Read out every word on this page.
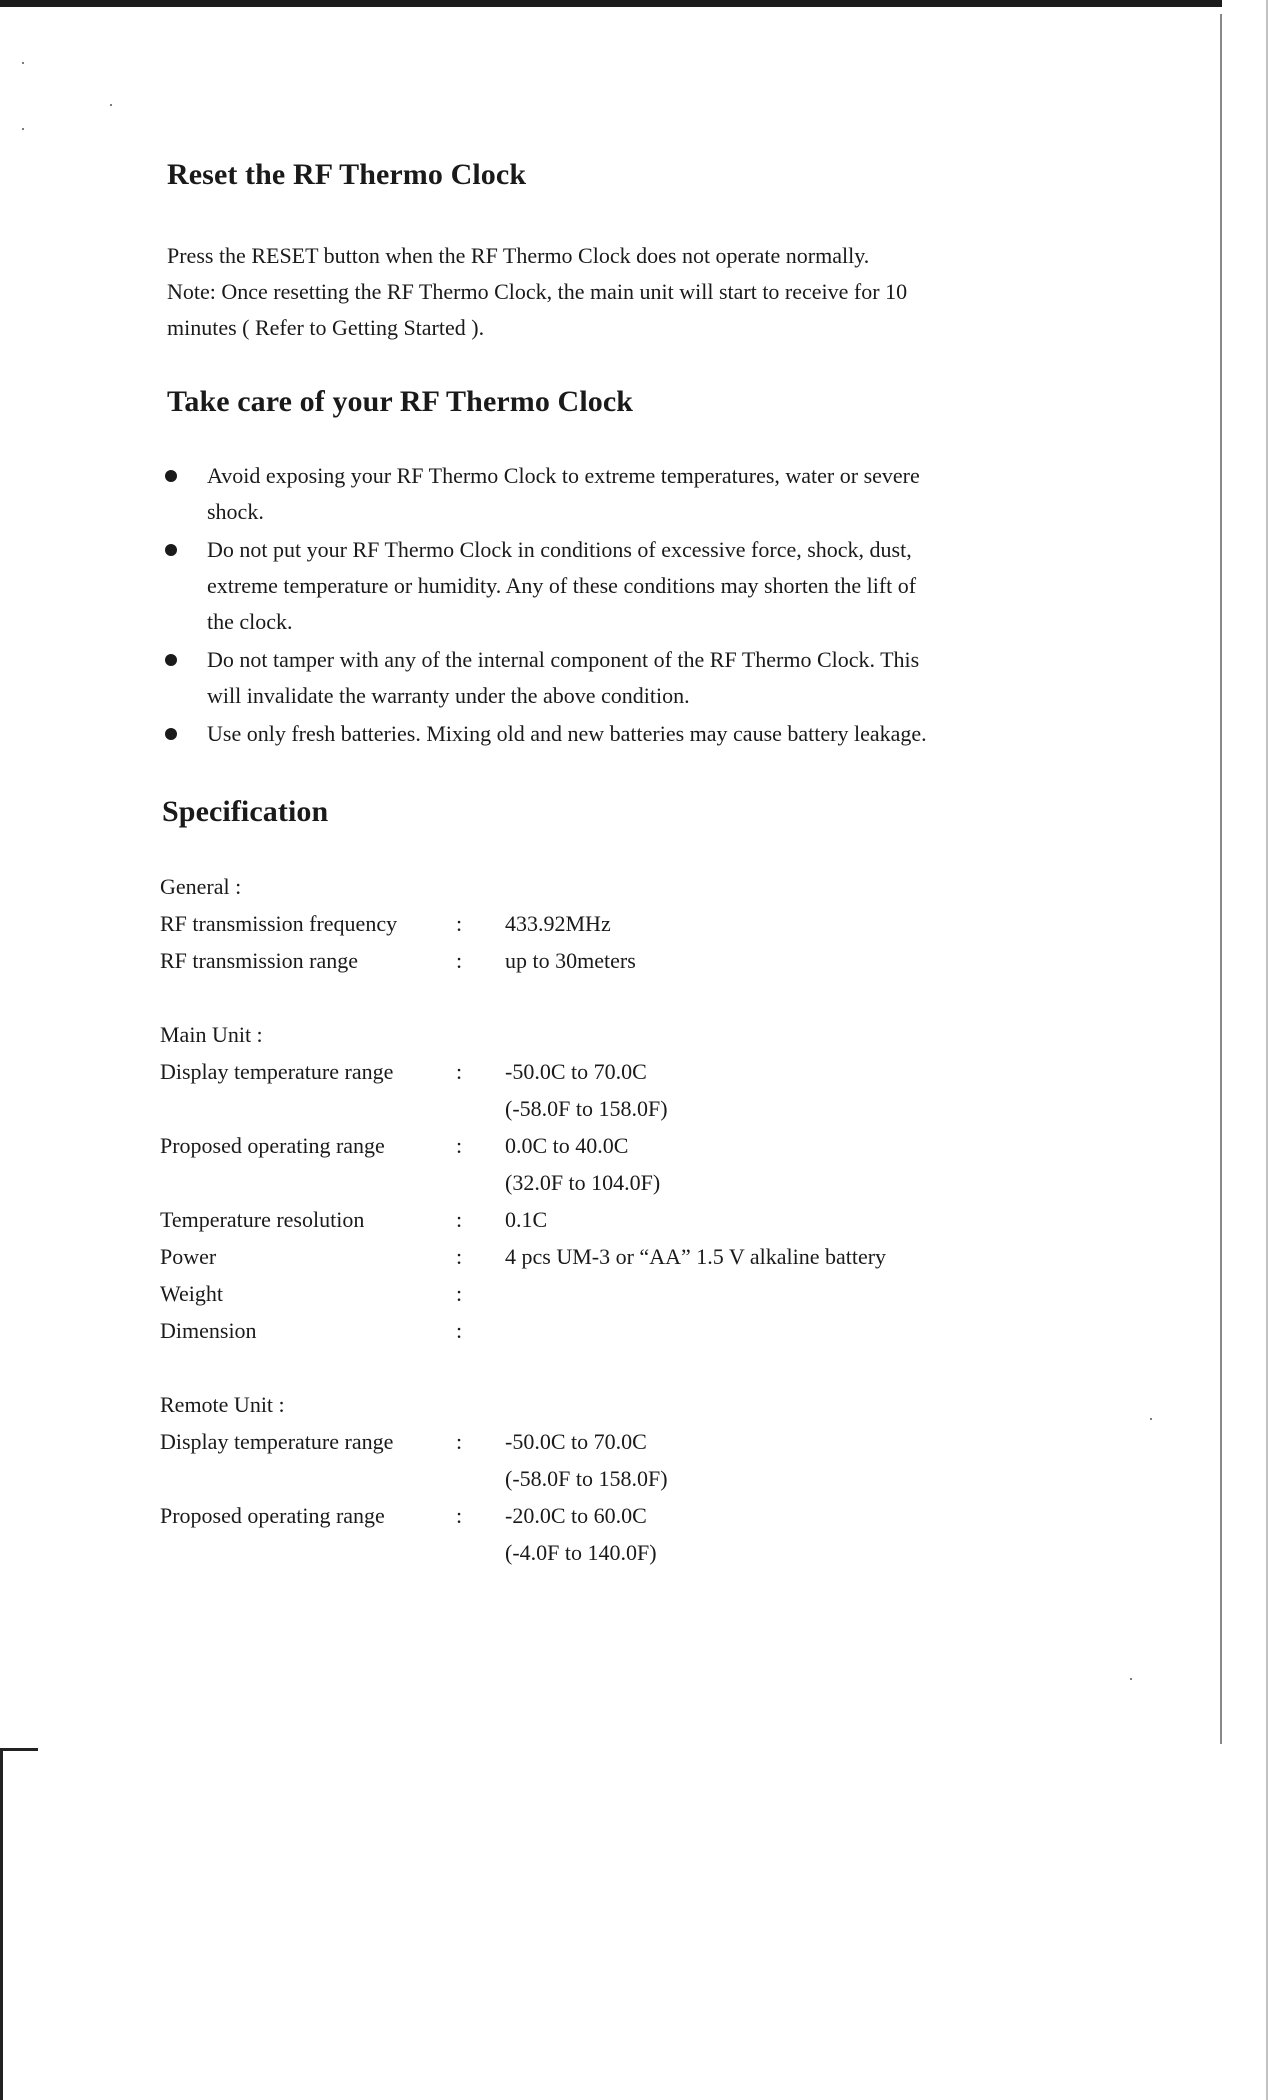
Reset the RF Thermo Clock

Press the RESET button when the RF Thermo Clock does not operate normally.
Note: Once resetting the RF Thermo Clock, the main unit will start to receive for 10
minutes ( Refer to Getting Started ).

Take care of your RF Thermo Clock
Avoid exposing your RF Thermo Clock to extreme temperatures, water or severe
shock.
Do not put your RF Thermo Clock in conditions of excessive force, shock, dust,
extreme temperature or humidity. Any of these conditions may shorten the lift of
the clock.
Do not tamper with any of the internal component of the RF Thermo Clock. This
will invalidate the warranty under the above condition.
Use only fresh batteries. Mixing old and new batteries may cause battery leakage.
Specification
General :
RF transmission frequency	: 433.92MHz
RF transmission range	: up to 30meters
Main Unit :
Display temperature range	: -50.0C to 70.0C
(-58.0F to 158.0F)
Proposed operating range	: 0.0C to 40.0C
(32.0F to 104.0F)
Temperature resolution	: 0.1C
Power	: 4 pcs UM-3 or “AA” 1.5 V alkaline battery
Weight	:
Dimension	:
Remote Unit :
Display temperature range	: -50.0C to 70.0C
(-58.0F to 158.0F)
Proposed operating range	: -20.0C to 60.0C
(-4.0F to 140.0F)
